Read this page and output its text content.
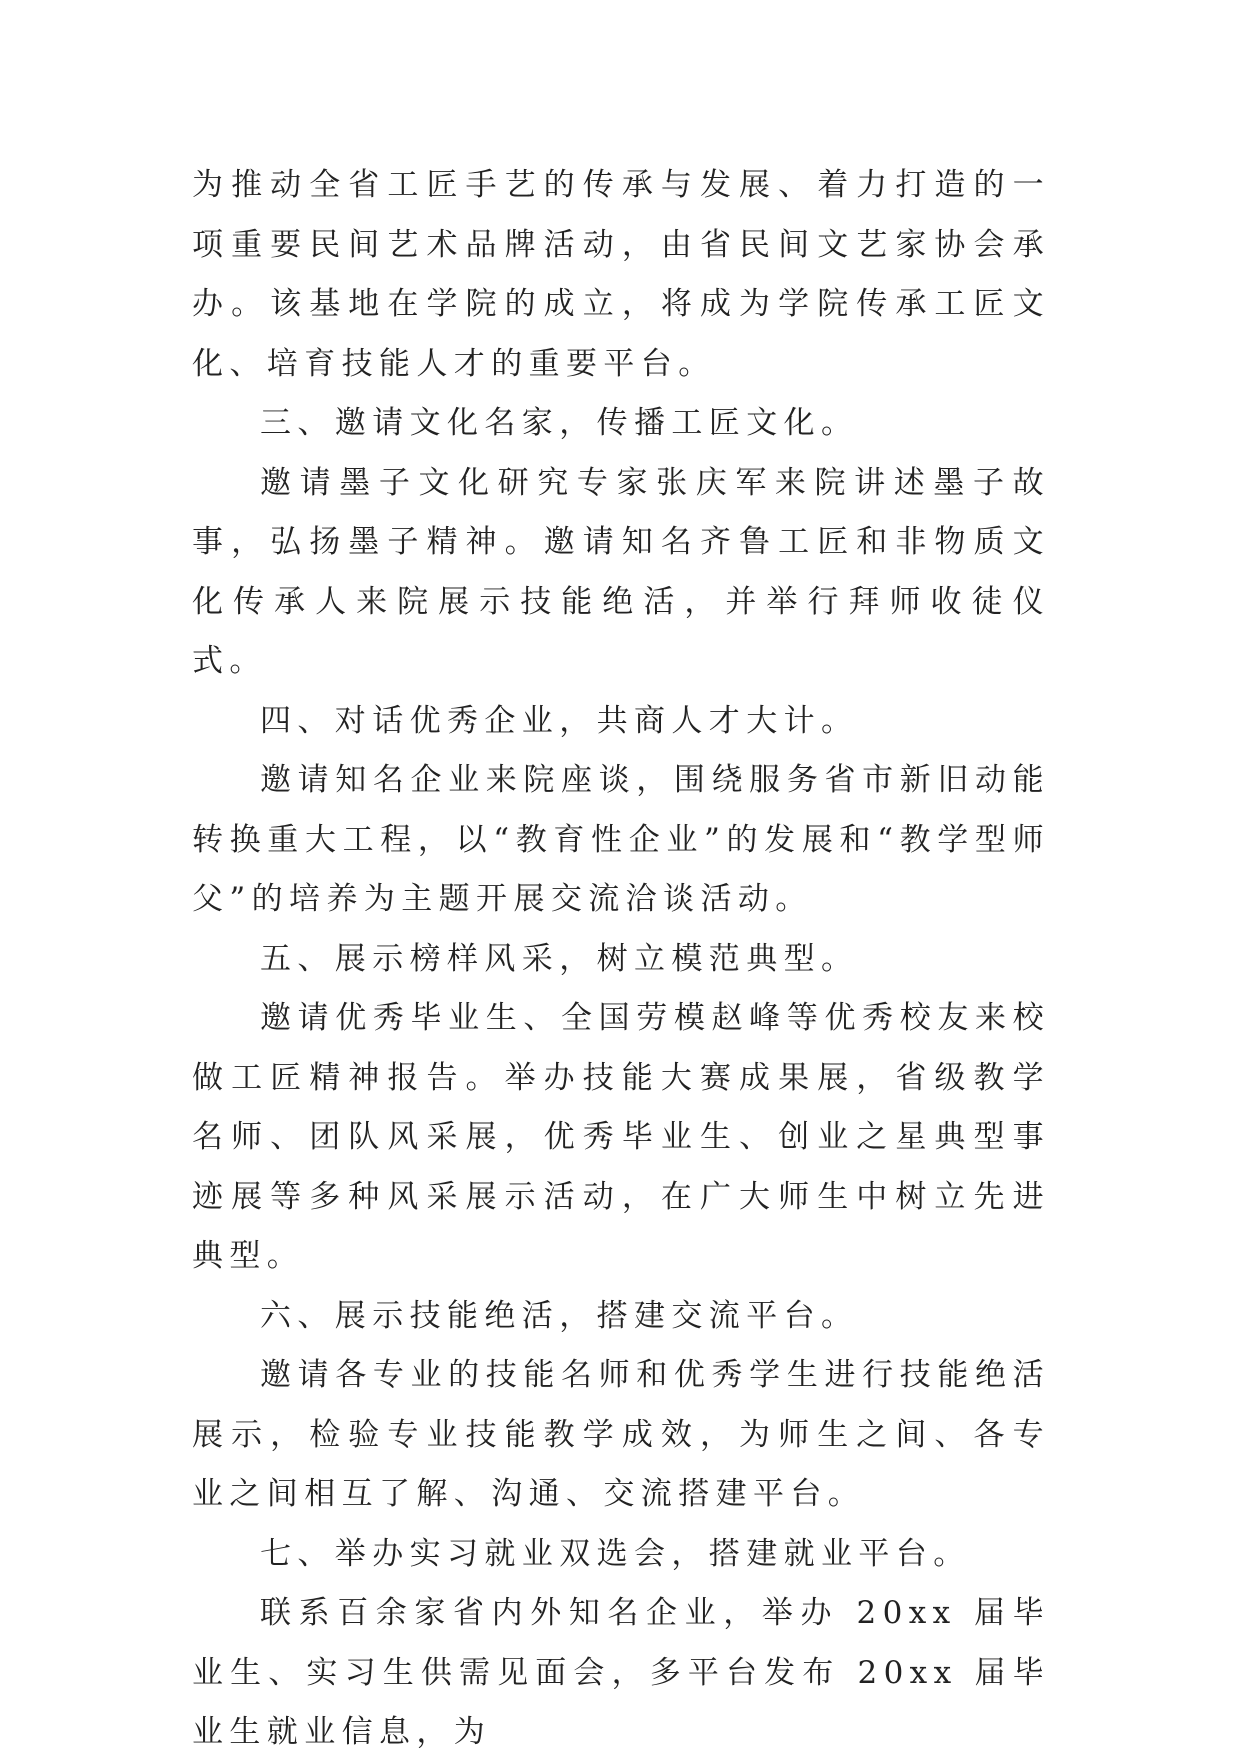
为推动全省工匠手艺的传承与发展、着力打造的一项重要民间艺术品牌活动，由省民间文艺家协会承办。该基地在学院的成立，将成为学院传承工匠文化、培育技能人才的重要平台。

三、邀请文化名家，传播工匠文化。

邀请墨子文化研究专家张庆军来院讲述墨子故事，弘扬墨子精神。邀请知名齐鲁工匠和非物质文化传承人来院展示技能绝活，并举行拜师收徒仪式。

四、对话优秀企业，共商人才大计。

邀请知名企业来院座谈，围绕服务省市新旧动能转换重大工程，以“教育性企业”的发展和“教学型师父”的培养为主题开展交流洽谈活动。

五、展示榜样风采，树立模范典型。

邀请优秀毕业生、全国劳模赵峰等优秀校友来校做工匠精神报告。举办技能大赛成果展，省级教学名师、团队风采展，优秀毕业生、创业之星典型事迹展等多种风采展示活动，在广大师生中树立先进典型。

六、展示技能绝活，搭建交流平台。

邀请各专业的技能名师和优秀学生进行技能绝活展示，检验专业技能教学成效，为师生之间、各专业之间相互了解、沟通、交流搭建平台。

七、举办实习就业双选会，搭建就业平台。

联系百余家省内外知名企业，举办 20xx 届毕业生、实习生供需见面会，多平台发布 20xx 届毕业生就业信息，为
